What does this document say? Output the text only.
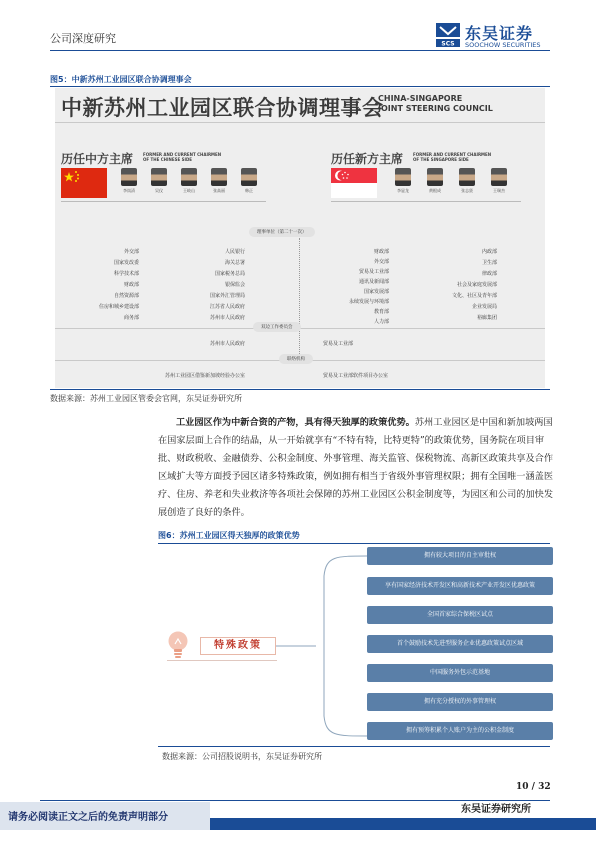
公司深度研究	SCS
东吴证券
SOOCHOW SECURITIES
图5：中新苏州工业园区联合协调理事会
中新苏州工业园区联合协调理事会
CHINA-SINGAPORE
JOINT STEERING COUNCIL
历任中方主席 FORMER AND CURRENT CHAIRMEN
OF THE CHINESE SIDE
李岚清	吴仪	王岐山	张高丽	韩正
历任新方主席 FORMER AND CURRENT CHAIRMEN
OF THE SINGAPORE SIDE
李显龙	黄根成	张志贤	王瑞杰
理事单位（第二十一次）
外交部
国家发改委
科学技术部
财政部
自然资源部
住房和城乡建设部
商务部
人民银行
海关总署
国家税务总局
银保监会
国家外汇管理局
江苏省人民政府
苏州市人民政府
财政部
外交部
贸易及工业部
通讯及新闻部
国家发展部
永续发展与环境部
教育部
人力部
内政部
卫生部
律政部
社会及家庭发展部
文化、社区及青年部
企业发展局
裕廊集团
双边工作委员会
苏州市人民政府	贸易及工业部
联络机构
苏州工业园区借鉴新加坡经验办公室	贸易及工业部软件项目办公室
数据来源：苏州工业园区管委会官网，东吴证券研究所
工业园区作为中新合资的产物，具有得天独厚的政策优势。苏州工业园区是中国和新加坡两国在国家层面上合作的结晶，从一开始就享有“不特有特，比特更特”的政策优势，国务院在项目审批、财政税收、金融债券、公积金制度、外事管理、海关监管、保税物流、高新区政策共享及合作区域扩大等方面授予园区诸多特殊政策，例如拥有相当于省级外事管理权限；拥有全国唯一涵盖医疗、住房、养老和失业救济等各项社会保障的苏州工业园区公积金制度等，为园区和公司的加快发展创造了良好的条件。
图6：苏州工业园区得天独厚的政策优势
特殊政策
拥有较大项目的自主审批权
享有国家经济技术开发区和高新技术产业开发区优惠政策
全国首家综合保税区试点
首个鼓励技术先进型服务企业优惠政策试点区域
中国服务外包示范基地
拥有充分授权的外事管理权
拥有预筹积累个人账户为主的公积金制度
数据来源：公司招股说明书，东吴证券研究所
10 / 32
东吴证券研究所
请务必阅读正文之后的免责声明部分
